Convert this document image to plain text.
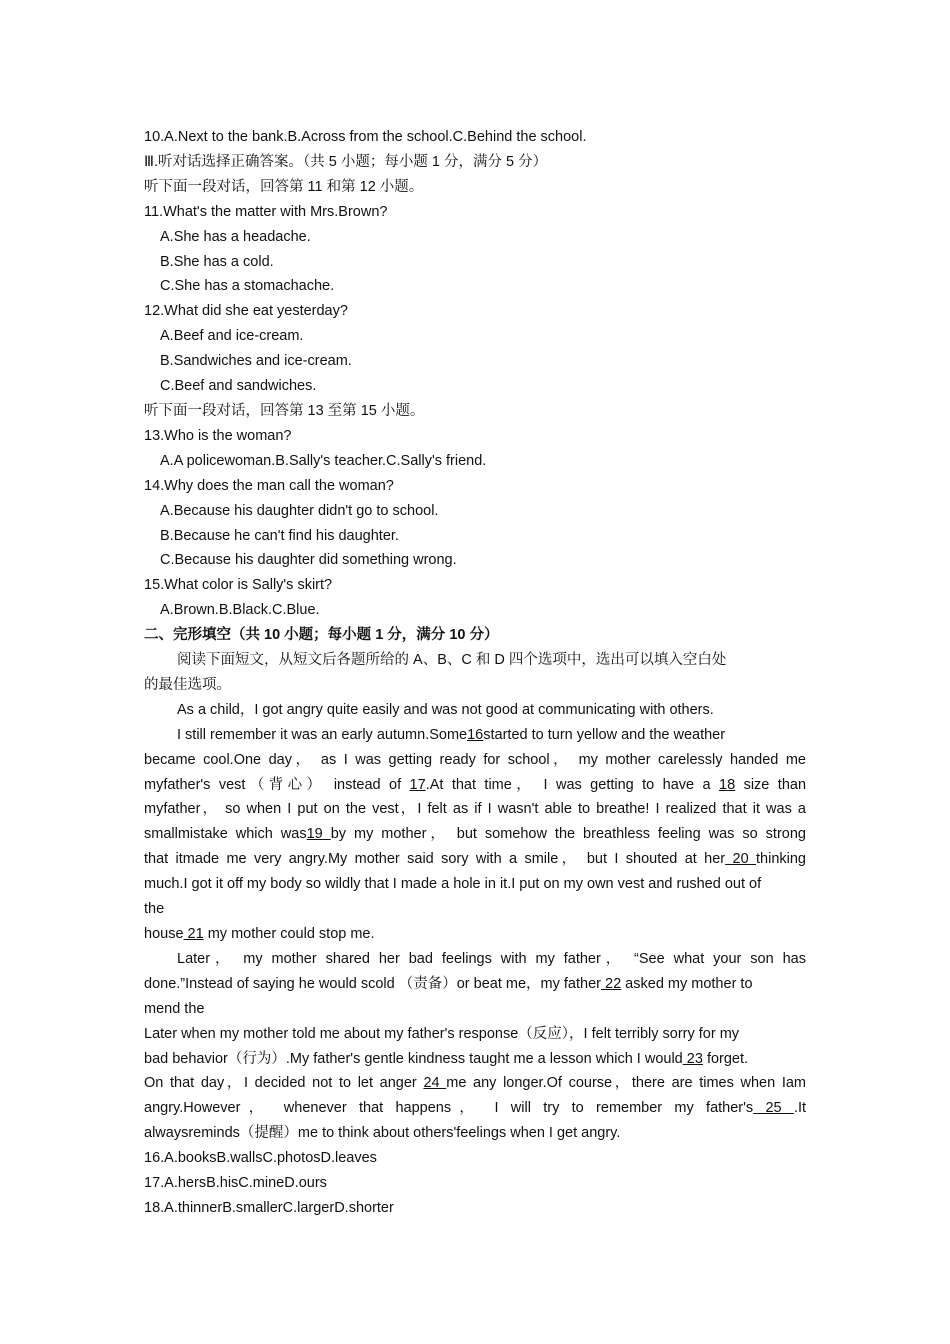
10.A.Next to the bank.B.Across from the school.C.Behind the school.
Ⅲ.听对话选择正确答案。（共 5 小题；每小题 1 分，满分 5 分）
听下面一段对话，回答第 11 和第 12 小题。
11.What's the matter with Mrs.Brown?
A.She has a headache.
B.She has a cold.
C.She has a stomachache.
12.What did she eat yesterday?
A.Beef and ice-cream.
B.Sandwiches and ice-cream.
C.Beef and sandwiches.
听下面一段对话，回答第 13 至第 15 小题。
13.Who is the woman?
A.A policewoman.B.Sally's teacher.C.Sally's friend.
14.Why does the man call the woman?
A.Because his daughter didn't go to school.
B.Because he can't find his daughter.
C.Because his daughter did something wrong.
15.What color is Sally's skirt?
A.Brown.B.Black.C.Blue.
二、完形填空（共 10 小题；每小题 1 分，满分 10 分）
阅读下面短文，从短文后各题所给的 A、B、C 和 D 四个选项中，选出可以填入空白处
的最佳选项。
As a child，I got angry quite easily and was not good at communicating with others.
I still remember it was an early autumn.Some16started to turn yellow and the weather
became cool.One day， as I was getting ready for school， my mother carelessly handed me
myfather's vest（背心） instead of 17.At that time， I was getting to have a 18 size than
myfather， so when I put on the vest，I felt as if I wasn't able to breathe! I realized that it was a
smallmistake which was19 by my mother， but somehow the breathless feeling was so strong
that itmade me very angry.My mother said sory with a smile， but I shouted at her 20 thinking
much.I got it off my body so wildly that I made a hole in it.I put on my own vest and rushed out of
the
house 21 my mother could stop me.
Later， my mother shared her bad feelings with my father， “See what your son has
done.”Instead of saying he would scold （责备）or beat me，my father 22 asked my mother to
mend the
Later when my mother told me about my father's response（反应），I felt terribly sorry for my
bad behavior（行为）.My father's gentle kindness taught me a lesson which I would 23 forget.
On that day，I decided not to let anger 24 me any longer.Of course，there are times when Iam
angry.However， whenever that happens， I will try to remember my father's 25 .It
alwaysreminds（提醒）me to think about others'feelings when I get angry.
16.A.booksB.wallsC.photosD.leaves
17.A.hersB.hisC.mineD.ours
18.A.thinnerB.smallerC.largerD.shorter
